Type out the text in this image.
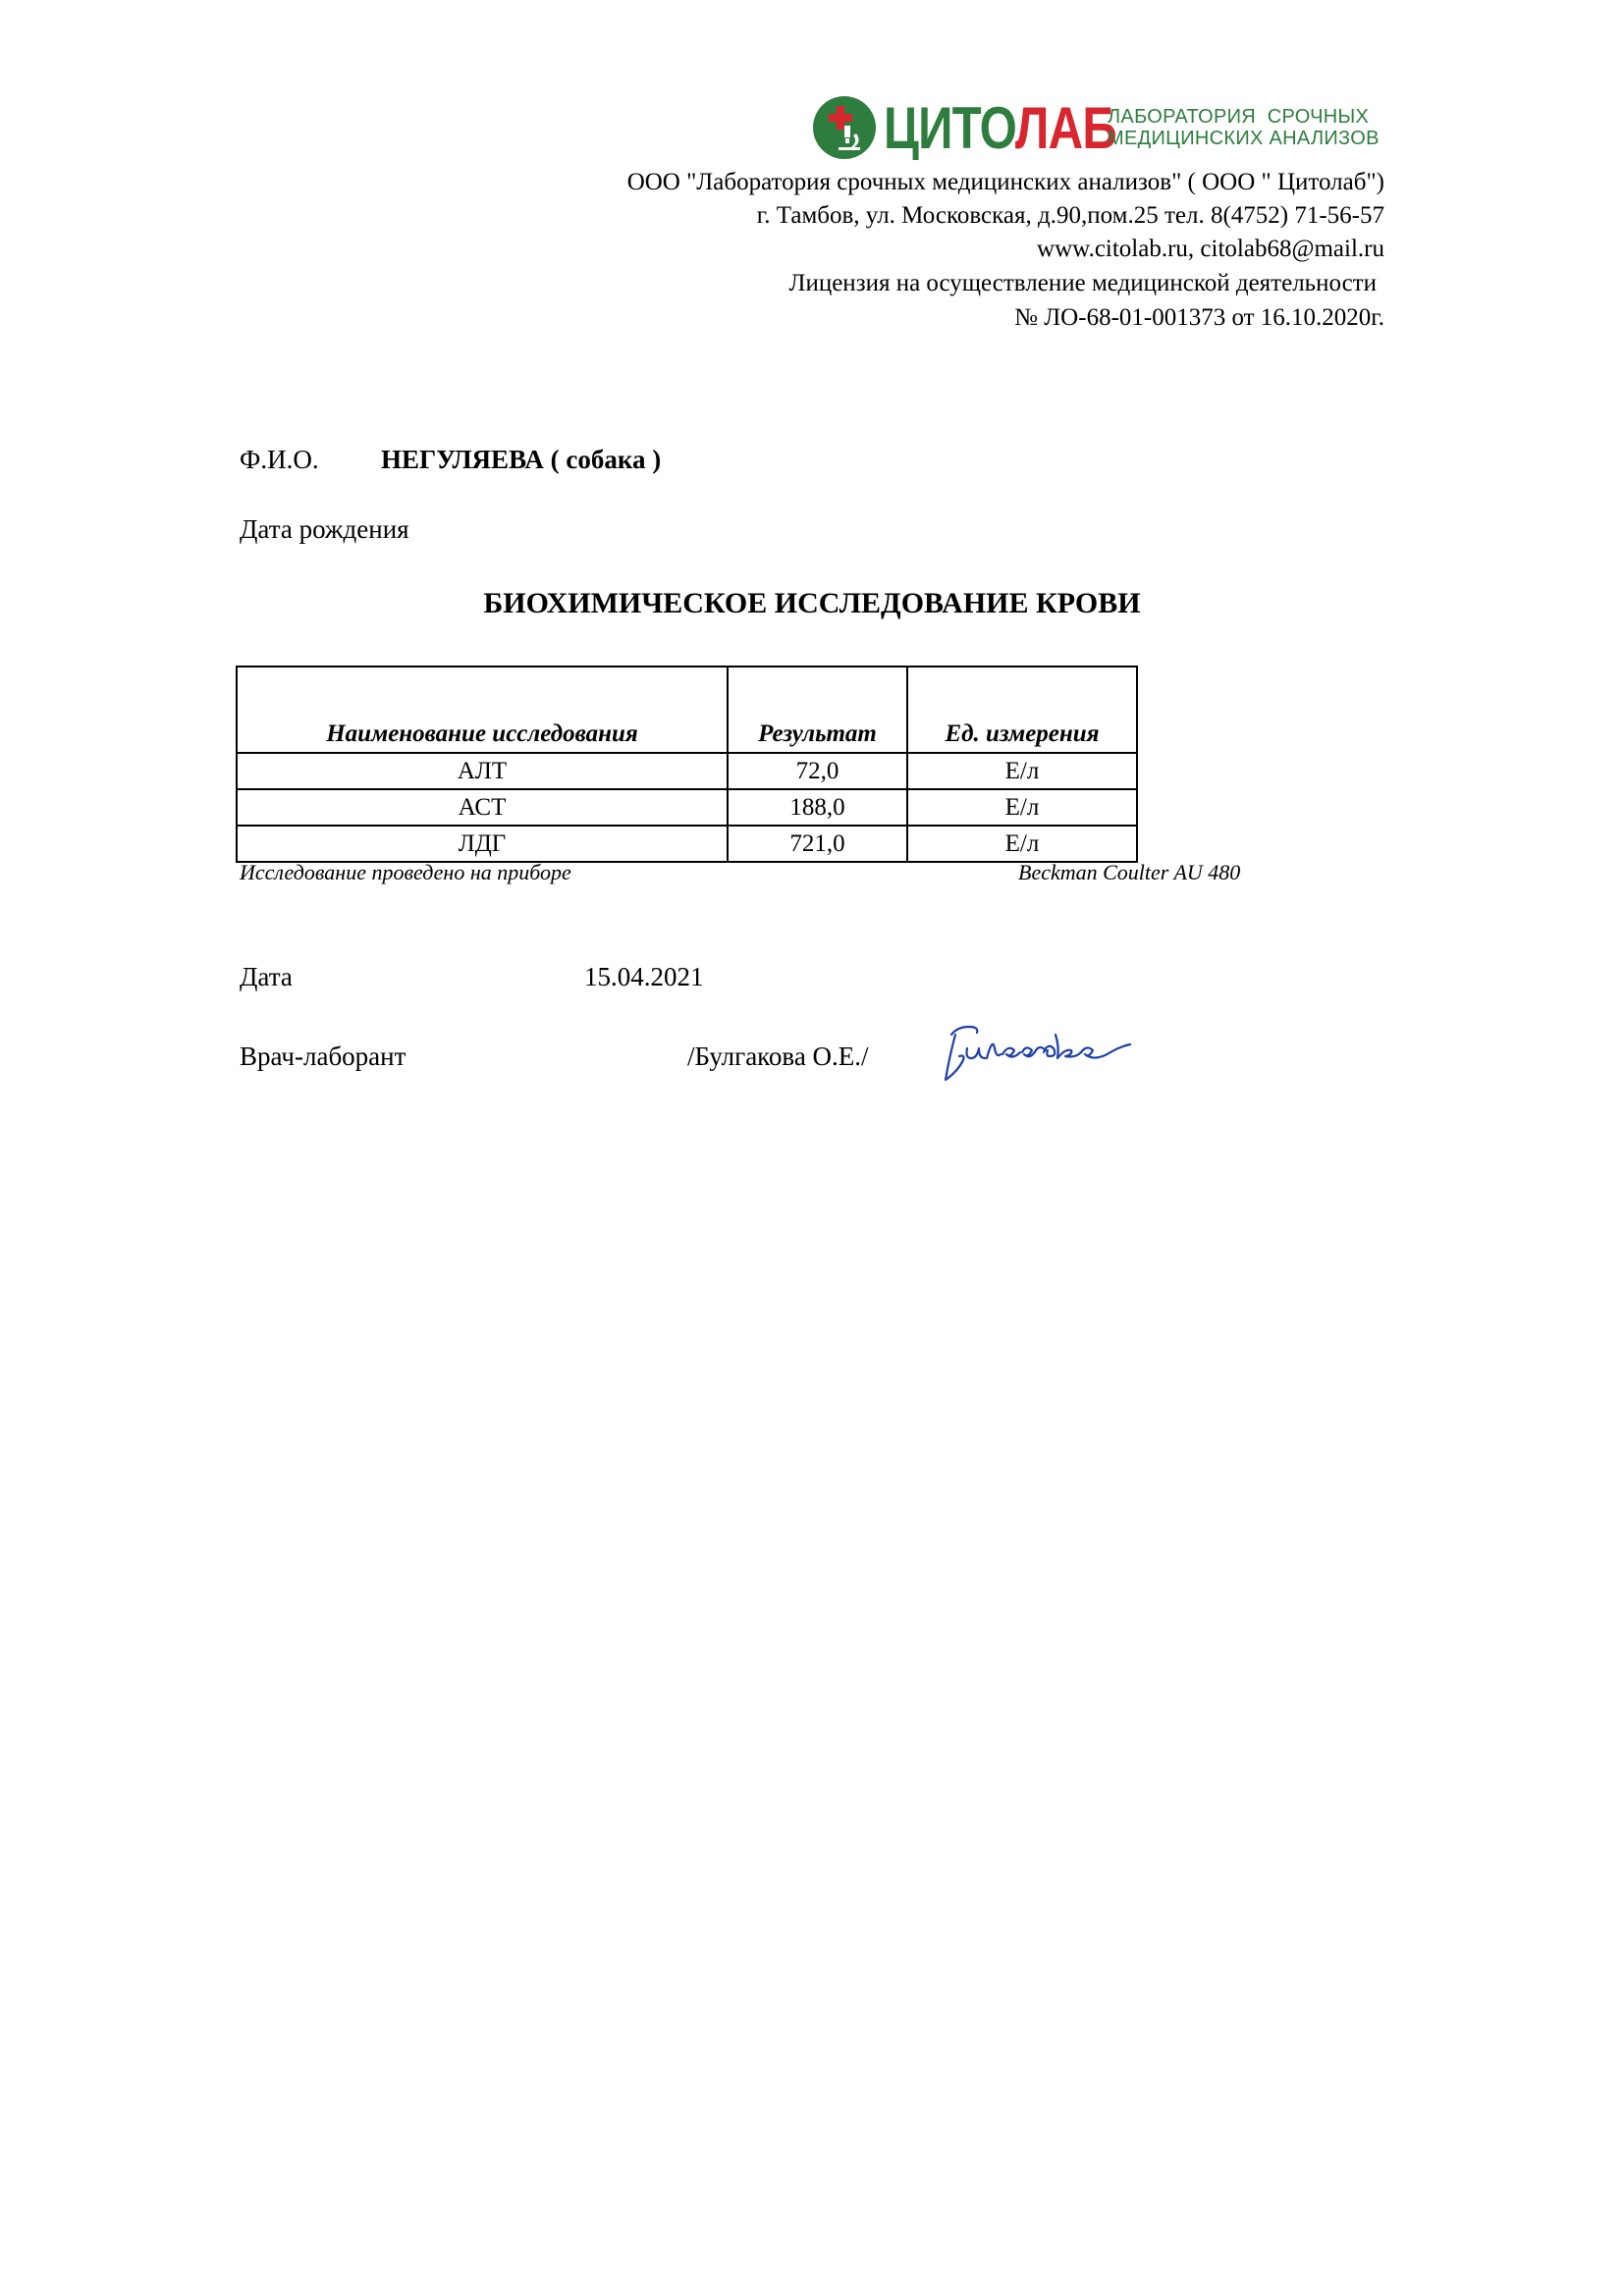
ЦИТОЛАБ
ЛАБОРАТОРИЯ  СРОЧНЫХ
МЕДИЦИНСКИХ АНАЛИЗОВ
ООО "Лаборатория срочных медицинских анализов" ( ООО " Цитолаб")
г. Тамбов, ул. Московская, д.90,пом.25 тел. 8(4752) 71-56-57
www.citolab.ru, citolab68@mail.ru
Лицензия на осуществление медицинской деятельности
№ ЛО-68-01-001373 от 16.10.2020г.
Ф.И.О. НЕГУЛЯЕВА ( собака )
Дата рождения
БИОХИМИЧЕСКОЕ ИССЛЕДОВАНИЕ КРОВИ
Наименование исследования	Результат	Ед. измерения
АЛТ	72,0	Е/л
АСТ	188,0	Е/л
ЛДГ	721,0	Е/л
Исследование проведено на приборе	Beckman Coulter AU 480
Дата	15.04.2021
Врач-лаборант	/Булгакова О.Е./
